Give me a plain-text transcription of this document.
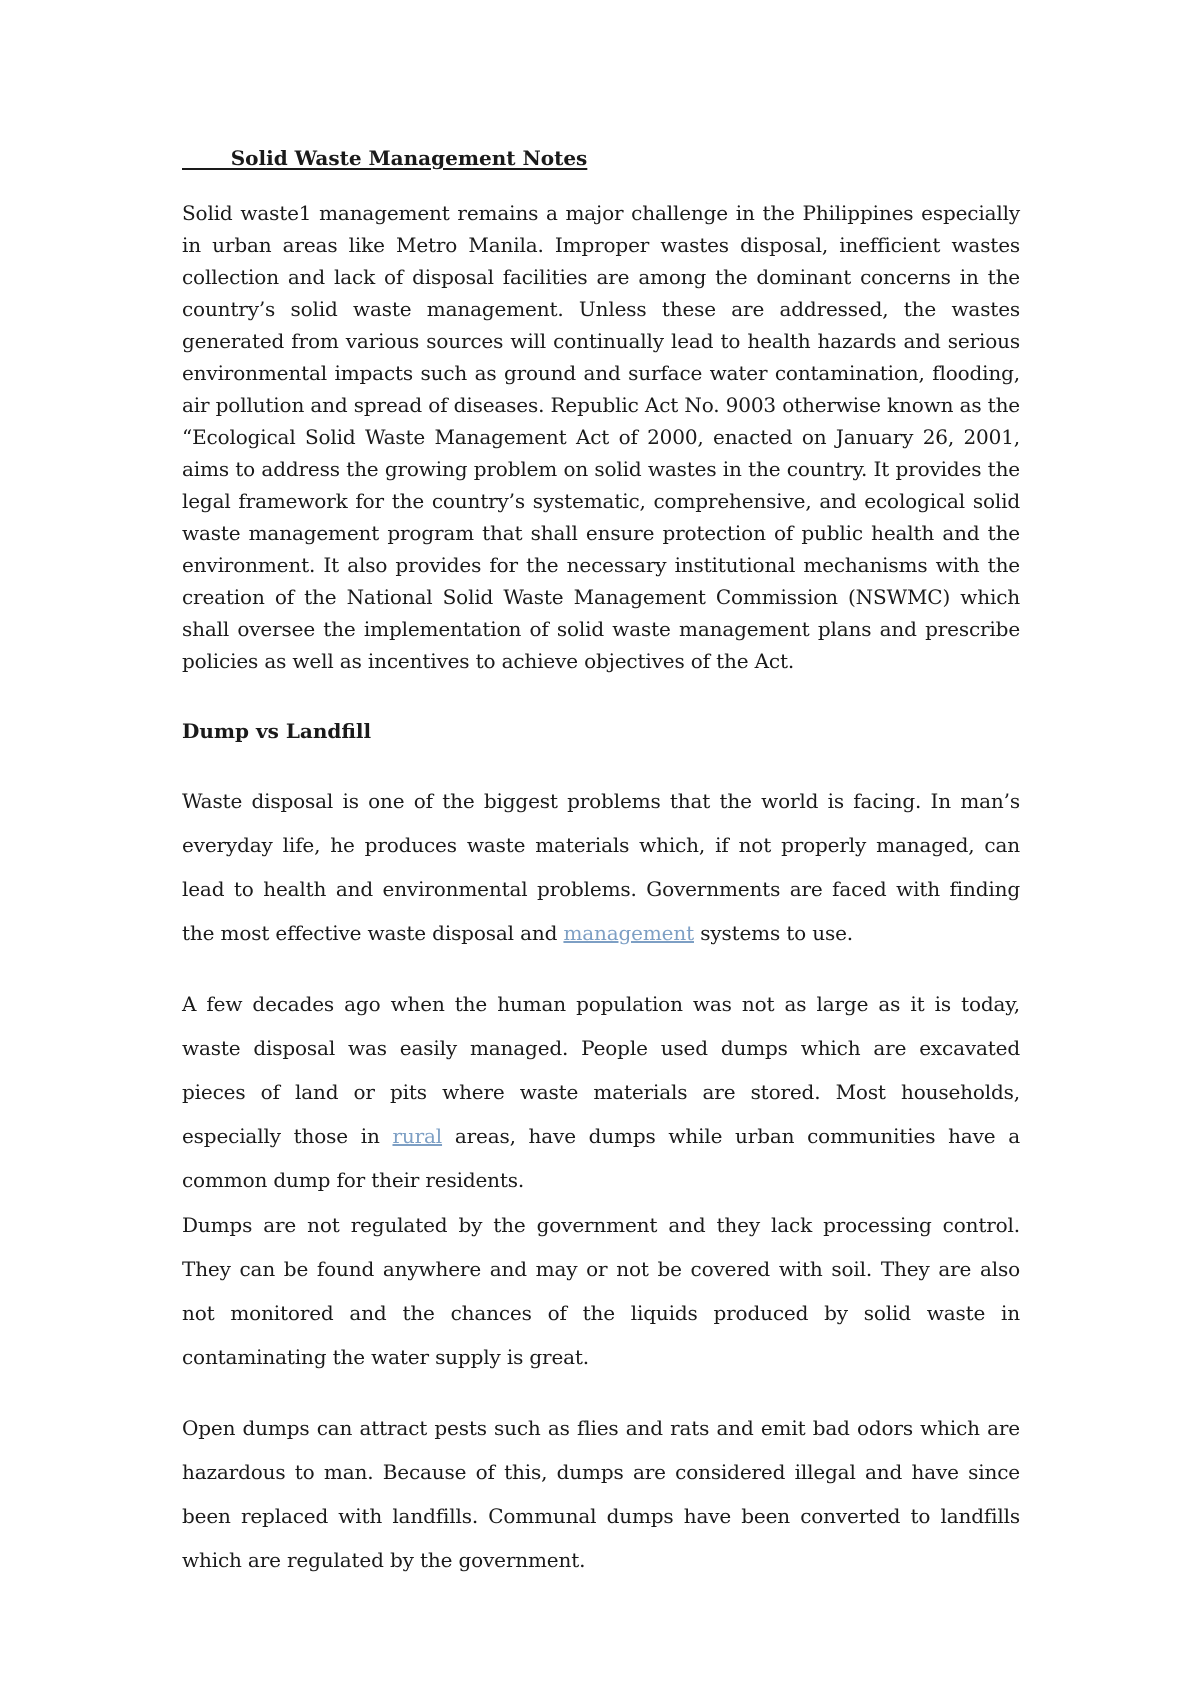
Solid Waste Management Notes

Solid waste1 management remains a major challenge in the Philippines especially in urban areas like Metro Manila. Improper wastes disposal, inefficient wastes collection and lack of disposal facilities are among the dominant concerns in the country’s solid waste management. Unless these are addressed, the wastes generated from various sources will continually lead to health hazards and serious environmental impacts such as ground and surface water contamination, flooding, air pollution and spread of diseases. Republic Act No. 9003 otherwise known as the “Ecological Solid Waste Management Act of 2000, enacted on January 26, 2001, aims to address the growing problem on solid wastes in the country. It provides the legal framework for the country’s systematic, comprehensive, and ecological solid waste management program that shall ensure protection of public health and the environment. It also provides for the necessary institutional mechanisms with the creation of the National Solid Waste Management Commission (NSWMC) which shall oversee the implementation of solid waste management plans and prescribe policies as well as incentives to achieve objectives of the Act.

Dump vs Landfill

Waste disposal is one of the biggest problems that the world is facing. In man’s everyday life, he produces waste materials which, if not properly managed, can lead to health and environmental problems. Governments are faced with finding the most effective waste disposal and management systems to use.

A few decades ago when the human population was not as large as it is today, waste disposal was easily managed. People used dumps which are excavated pieces of land or pits where waste materials are stored. Most households, especially those in rural areas, have dumps while urban communities have a common dump for their residents.

Dumps are not regulated by the government and they lack processing control. They can be found anywhere and may or not be covered with soil. They are also not monitored and the chances of the liquids produced by solid waste in contaminating the water supply is great.

Open dumps can attract pests such as flies and rats and emit bad odors which are hazardous to man. Because of this, dumps are considered illegal and have since been replaced with landfills. Communal dumps have been converted to landfills which are regulated by the government.
